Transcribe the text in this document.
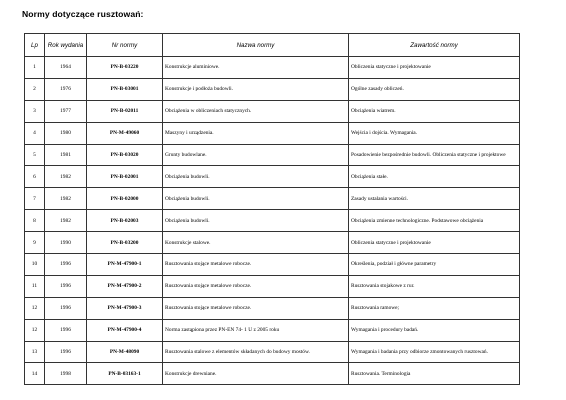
Normy dotyczące rusztowań:
Lp	Rok wydania	Nr normy	Nazwa normy	Zawartość normy
1	1964	PN-B-03220	Konstrukcje aluminiowe.	Obliczenia statyczne i projektowanie
2	1976	PN-B-03001	Konstrukcje i podłoża budowli.	Ogólne zasady obliczeń.
3	1977	PN-B-02011	Obciążenia w obliczeniach statycznych.	Obciążenia wiatrem.
4	1980	PN-M-49060	Maszyny i urządzenia.	Wejścia i dojścia. Wymagania.
5	1981	PN-B-03020	Grunty budowlane.	Posadowienie bezpośrednie budowli. Obliczenia statyczne i projektowe
6	1982	PN-B-02001	Obciążenia budowli.	Obciążenia stałe.
7	1982	PN-B-02000	Obciążenia budowli.	Zasady ustalania wartości.
8	1982	PN-B-02003	Obciążenia budowli.	Obciążenia zmienne technologiczne. Podstawowe obciążenia
9	1990	PN-B-03200	Konstrukcje stalowe.	Obliczenia statyczne i projektowanie
10	1996	PN-M-47900-1	Rusztowania stojące metalowe robocze.	Określenia, podział i główne parametry
11	1996	PN-M-47900-2	Rusztowania stojące metalowe robocze.	Rusztowania stojakowe z rur.
12	1996	PN-M-47900-3	Rusztowania stojące metalowe robocze.	Rusztowania ramowe;
12	1996	PN-M-47900-4	Norma zastąpiona przez PN-EN 74- 1 U z 2005 roku	Wymagania i procedury badań.
13	1996	PN-M-48090	Rusztowania stalowe z elementów składanych do budowy mostów.	Wymagania i badania przy odbiorze zmontowanych rusztowań.
14	1998	PN-B-03163-1	Konstrukcje drewniane.	Rusztowania. Terminologia
